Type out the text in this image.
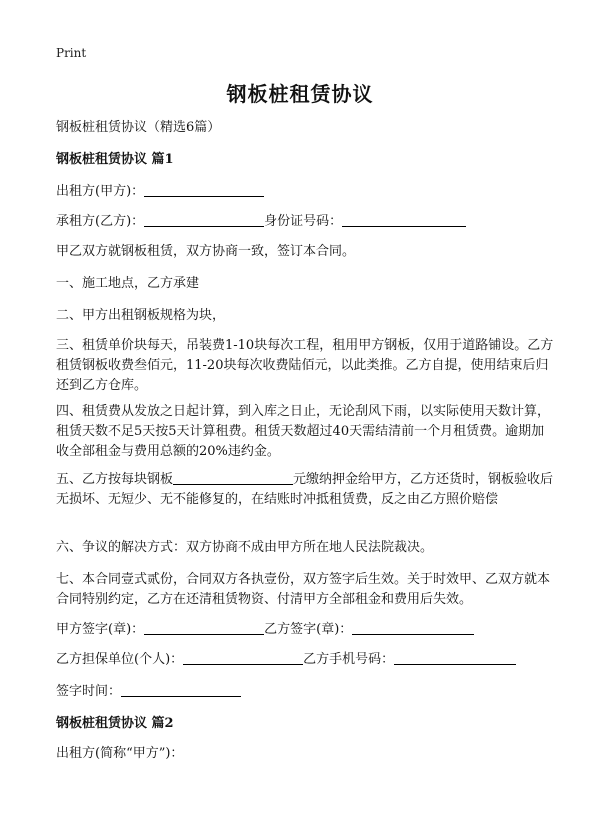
Print
钢板桩租赁协议
钢板桩租赁协议（精选6篇）
钢板桩租赁协议 篇1
出租方(甲方)：
承租方(乙方)：	身份证号码：
甲乙双方就钢板租赁，双方协商一致，签订本合同。
一、施工地点，乙方承建
二、甲方出租钢板规格为块，
三、租赁单价块每天，吊装费1-10块每次工程，租用甲方钢板，仅用于道路铺设。乙方租赁钢板收费叁佰元，11-20块每次收费陆佰元，以此类推。乙方自提，使用结束后归还到乙方仓库。
四、租赁费从发放之日起计算，到入库之日止，无论刮风下雨，以实际使用天数计算，租赁天数不足5天按5天计算租费。租赁天数超过40天需结清前一个月租赁费。逾期加收全部租金与费用总额的20%违约金。
五、乙方按每块钢板	元缴纳押金给甲方，乙方还货时，钢板验收后无损坏、无短少、无不能修复的，在结账时冲抵租赁费，反之由乙方照价赔偿
六、争议的解决方式：双方协商不成由甲方所在地人民法院裁决。
七、本合同壹式贰份，合同双方各执壹份，双方签字后生效。关于时效甲、乙双方就本合同特别约定，乙方在还清租赁物资、付清甲方全部租金和费用后失效。
甲方签字(章)：	乙方签字(章)：
乙方担保单位(个人)：	乙方手机号码：
签字时间：
钢板桩租赁协议 篇2
出租方(简称“甲方”)：
